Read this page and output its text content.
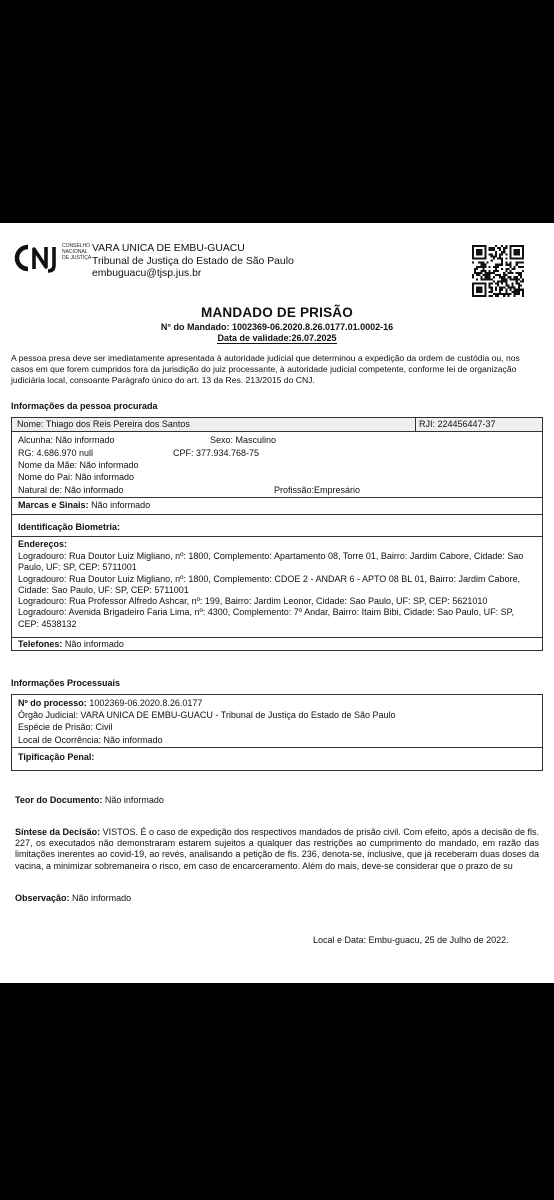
CONSELHO
NACIONAL
DE JUSTIÇA
VARA UNICA DE EMBU-GUACU
Tribunal de Justiça do Estado de São Paulo
embuguacu@tjsp.jus.br
MANDADO DE PRISÃO
N° do Mandado: 1002369-06.2020.8.26.0177.01.0002-16
Data de validade:26.07.2025
A pessoa presa deve ser imediatamente apresentada à autoridade judicial que determinou a expedição da ordem de custódia ou, nos casos em que forem cumpridos fora da jurisdição do juiz processante, à autoridade judicial competente, conforme lei de organização judiciária local, consoante Parágrafo único do art. 13 da Res. 213/2015 do CNJ.
Informações da pessoa procurada
Nome: Thiago dos Reis Pereira dos Santos	RJI: 224456447-37
Alcunha: Não informado	Sexo: Masculino
RG: 4.686.970 null	CPF: 377.934.768-75
Nome da Mãe: Não informado
Nome do Pai: Não informado
Natural de: Não informado	Profissão:Empresário
Marcas e Sinais: Não informado
Identificação Biometria:
Endereços:
Logradouro: Rua Doutor Luiz Migliano, nº: 1800, Complemento: Apartamento 08, Torre 01, Bairro: Jardim Cabore, Cidade: Sao Paulo, UF: SP, CEP: 5711001
Logradouro: Rua Doutor Luiz Migliano, nº: 1800, Complemento: CDOE 2 - ANDAR 6 - APTO 08 BL 01, Bairro: Jardim Cabore, Cidade: Sao Paulo, UF: SP, CEP: 5711001
Logradouro: Rua Professor Alfredo Ashcar, nº: 199, Bairro: Jardim Leonor, Cidade: Sao Paulo, UF: SP, CEP: 5621010
Logradouro: Avenida Brigadeiro Faria Lima, nº: 4300, Complemento: 7º Andar, Bairro: Itaim Bibi, Cidade: Sao Paulo, UF: SP, CEP: 4538132
Telefones: Não informado
Informações Processuais
Nº do processo: 1002369-06.2020.8.26.0177
Órgão Judicial: VARA UNICA DE EMBU-GUACU - Tribunal de Justiça do Estado de São Paulo
Espécie de Prisão: Civil
Local de Ocorrência: Não informado
Tipificação Penal:
Teor do Documento: Não informado
Síntese da Decisão: VISTOS. É o caso de expedição dos respectivos mandados de prisão civil. Com efeito, após a decisão de fls. 227, os executados não demonstraram estarem sujeitos a qualquer das restrições ao cumprimento do mandado, em razão das limitações inerentes ao covid-19, ao revés, analisando a petição de fls. 236, denota-se, inclusive, que já receberam duas doses da vacina, a minimizar sobremaneira o risco, em caso de encarceramento. Além do mais, deve-se considerar que o prazo de su
Observação: Não informado
Local e Data: Embu-guacu, 25 de Julho de 2022.
